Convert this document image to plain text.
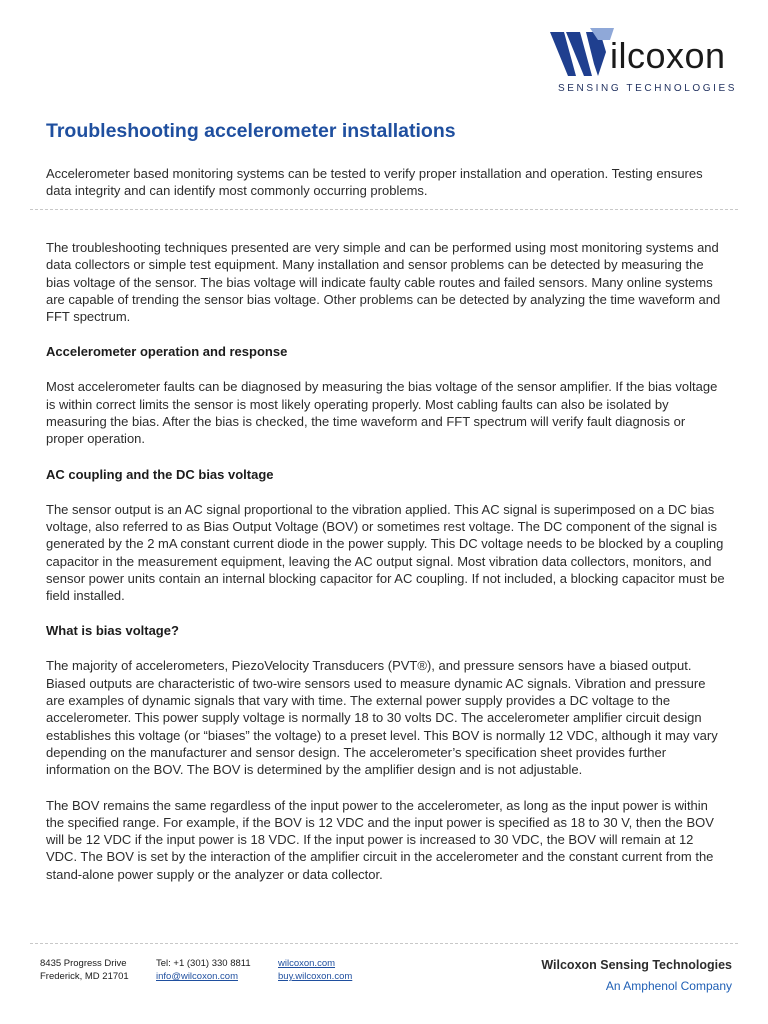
ilcoxon
SENSING TECHNOLOGIES
Troubleshooting accelerometer installations

Accelerometer based monitoring systems can be tested to verify proper installation and operation. Testing ensures data integrity and can identify most commonly occurring problems.

The troubleshooting techniques presented are very simple and can be performed using most monitoring systems and data collectors or simple test equipment. Many installation and sensor problems can be detected by measuring the bias voltage of the sensor. The bias voltage will indicate faulty cable routes and failed sensors. Many online systems are capable of trending the sensor bias voltage. Other problems can be detected by analyzing the time waveform and FFT spectrum.

Accelerometer operation and response

Most accelerometer faults can be diagnosed by measuring the bias voltage of the sensor amplifier. If the bias voltage is within correct limits the sensor is most likely operating properly. Most cabling faults can also be isolated by measuring the bias. After the bias is checked, the time waveform and FFT spectrum will verify fault diagnosis or proper operation.

AC coupling and the DC bias voltage

The sensor output is an AC signal proportional to the vibration applied. This AC signal is superimposed on a DC bias voltage, also referred to as Bias Output Voltage (BOV) or sometimes rest voltage. The DC component of the signal is generated by the 2 mA constant current diode in the power supply. This DC voltage needs to be blocked by a coupling capacitor in the measurement equipment, leaving the AC output signal. Most vibration data collectors, monitors, and sensor power units contain an internal blocking capacitor for AC coupling. If not included, a blocking capacitor must be field installed.

What is bias voltage?

The majority of accelerometers, PiezoVelocity Transducers (PVT®), and pressure sensors have a biased output. Biased outputs are characteristic of two-wire sensors used to measure dynamic AC signals. Vibration and pressure are examples of dynamic signals that vary with time. The external power supply provides a DC voltage to the accelerometer. This power supply voltage is normally 18 to 30 volts DC. The accelerometer amplifier circuit design establishes this voltage (or “biases” the voltage) to a preset level. This BOV is normally 12 VDC, although it may vary depending on the manufacturer and sensor design. The accelerometer’s specification sheet provides further information on the BOV. The BOV is determined by the amplifier design and is not adjustable.

The BOV remains the same regardless of the input power to the accelerometer, as long as the input power is within the specified range. For example, if the BOV is 12 VDC and the input power is specified as 18 to 30 V, then the BOV will be 12 VDC if the input power is 18 VDC. If the input power is increased to 30 VDC, the BOV will remain at 12 VDC. The BOV is set by the interaction of the amplifier circuit in the accelerometer and the constant current from the stand-alone power supply or the analyzer or data collector.

8435 Progress Drive
Frederick, MD 21701
Tel: +1 (301) 330 8811
info@wilcoxon.com
wilcoxon.com
buy.wilcoxon.com
Wilcoxon Sensing Technologies
An Amphenol Company
